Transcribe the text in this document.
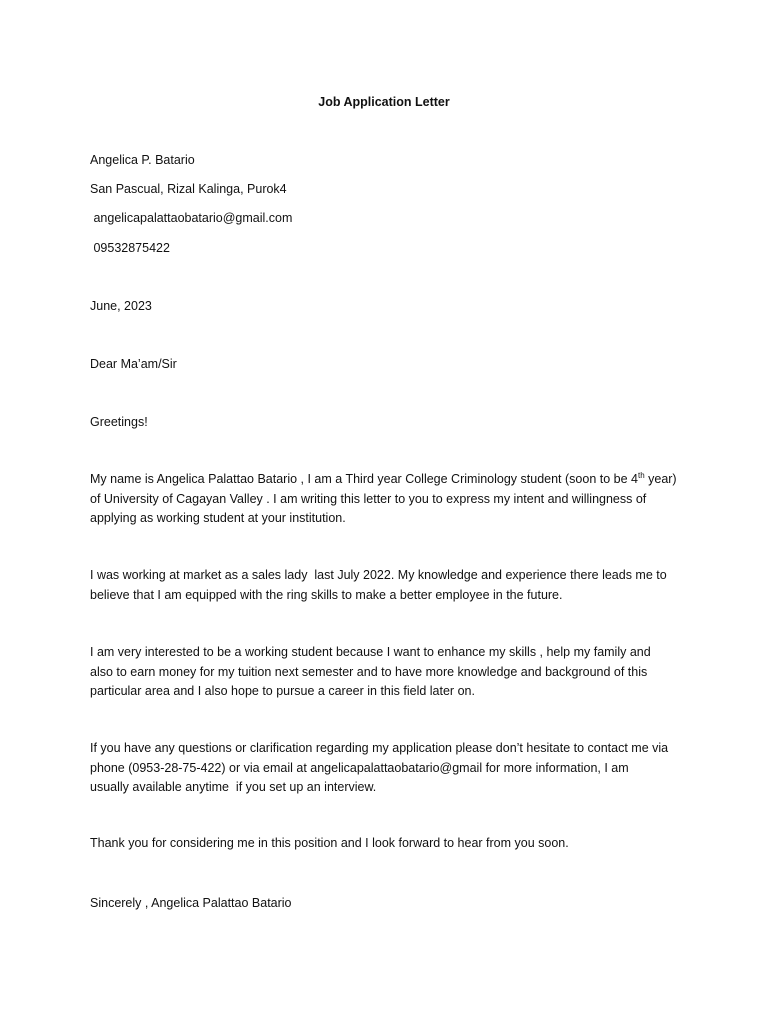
Job Application Letter
Angelica P. Batario
San Pascual, Rizal Kalinga, Purok4
angelicapalattaobatario@gmail.com
09532875422
June, 2023
Dear Ma’am/Sir
Greetings!
My name is Angelica Palattao Batario , I am a Third year College Criminology student (soon to be 4th year)
of University of Cagayan Valley . I am writing this letter to you to express my intent and willingness of
applying as working student at your institution.
I was working at market as a sales lady  last July 2022. My knowledge and experience there leads me to
believe that I am equipped with the ring skills to make a better employee in the future.
I am very interested to be a working student because I want to enhance my skills , help my family and
also to earn money for my tuition next semester and to have more knowledge and background of this
particular area and I also hope to pursue a career in this field later on.
If you have any questions or clarification regarding my application please don’t hesitate to contact me via
phone (0953-28-75-422) or via email at angelicapalattaobatario@gmail for more information, I am
usually available anytime  if you set up an interview.
Thank you for considering me in this position and I look forward to hear from you soon.
Sincerely , Angelica Palattao Batario
